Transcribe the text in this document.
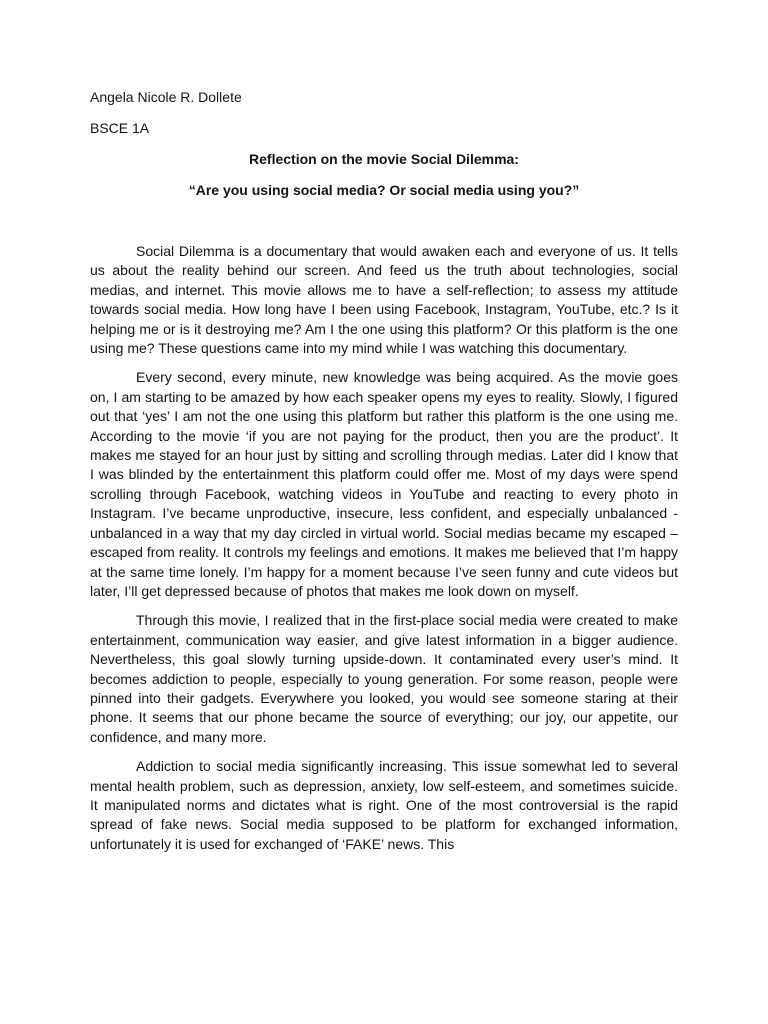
Angela Nicole R. Dollete
BSCE 1A
Reflection on the movie Social Dilemma:
“Are you using social media? Or social media using you?”

Social Dilemma is a documentary that would awaken each and everyone of us. It tells us about the reality behind our screen. And feed us the truth about technologies, social medias, and internet. This movie allows me to have a self-reflection; to assess my attitude towards social media. How long have I been using Facebook, Instagram, YouTube, etc.? Is it helping me or is it destroying me? Am I the one using this platform? Or this platform is the one using me? These questions came into my mind while I was watching this documentary.

Every second, every minute, new knowledge was being acquired. As the movie goes on, I am starting to be amazed by how each speaker opens my eyes to reality. Slowly, I figured out that ‘yes’ I am not the one using this platform but rather this platform is the one using me. According to the movie ‘if you are not paying for the product, then you are the product’. It makes me stayed for an hour just by sitting and scrolling through medias. Later did I know that I was blinded by the entertainment this platform could offer me. Most of my days were spend scrolling through Facebook, watching videos in YouTube and reacting to every photo in Instagram. I’ve became unproductive, insecure, less confident, and especially unbalanced - unbalanced in a way that my day circled in virtual world. Social medias became my escaped – escaped from reality. It controls my feelings and emotions. It makes me believed that I’m happy at the same time lonely. I’m happy for a moment because I’ve seen funny and cute videos but later, I’ll get depressed because of photos that makes me look down on myself.

Through this movie, I realized that in the first-place social media were created to make entertainment, communication way easier, and give latest information in a bigger audience. Nevertheless, this goal slowly turning upside-down. It contaminated every user’s mind. It becomes addiction to people, especially to young generation. For some reason, people were pinned into their gadgets. Everywhere you looked, you would see someone staring at their phone. It seems that our phone became the source of everything; our joy, our appetite, our confidence, and many more.

Addiction to social media significantly increasing. This issue somewhat led to several mental health problem, such as depression, anxiety, low self-esteem, and sometimes suicide. It manipulated norms and dictates what is right. One of the most controversial is the rapid spread of fake news. Social media supposed to be platform for exchanged information, unfortunately it is used for exchanged of ‘FAKE’ news. This
